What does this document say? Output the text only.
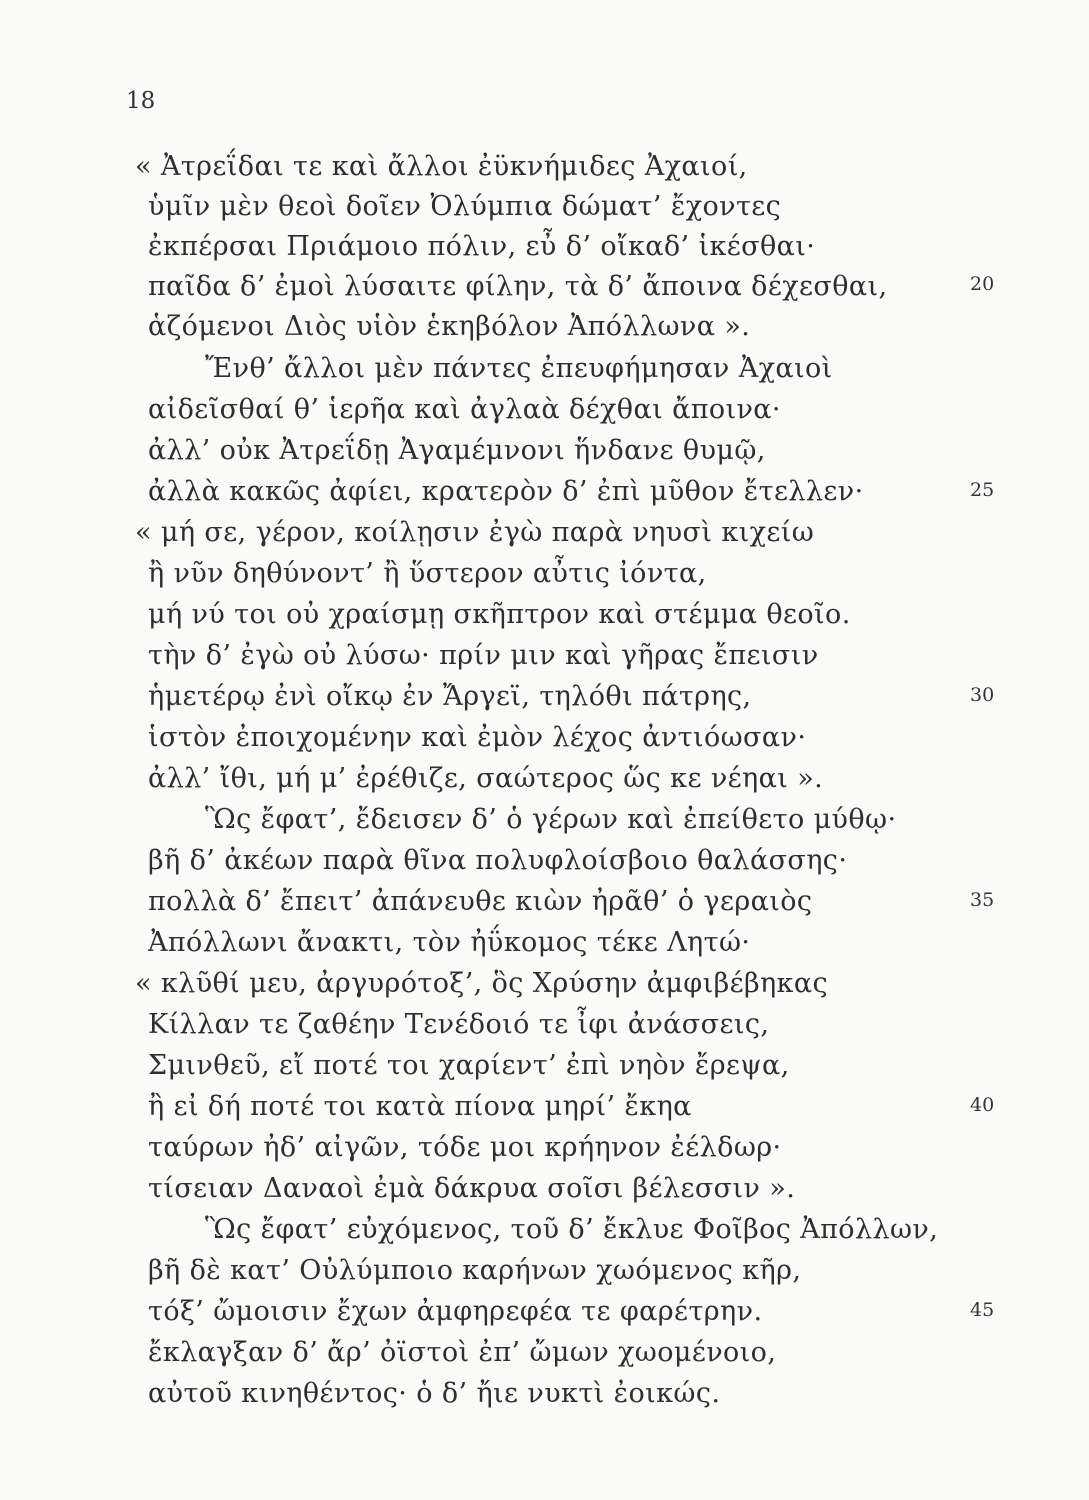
18
« Ἀτρεΐδαι τε καὶ ἄλλοι ἐϋκνήμιδες Ἀχαιοί,
ὑμῖν μὲν θεοὶ δοῖεν Ὀλύμπια δώματ’ ἔχοντες
ἐκπέρσαι Πριάμοιο πόλιν, εὖ δ’ οἴκαδ’ ἱκέσθαι·
παῖδα δ’ ἐμοὶ λύσαιτε φίλην, τὰ δ’ ἄποινα δέχεσθαι,
ἁζόμενοι Διὸς υἱὸν ἑκηβόλον Ἀπόλλωνα ».
Ἔνθ’ ἄλλοι μὲν πάντες ἐπευφήμησαν Ἀχαιοὶ
αἰδεῖσθαί θ’ ἱερῆα καὶ ἀγλαὰ δέχθαι ἄποινα·
ἀλλ’ οὐκ Ἀτρεΐδῃ Ἀγαμέμνονι ἥνδανε θυμῷ,
ἀλλὰ κακῶς ἀφίει, κρατερὸν δ’ ἐπὶ μῦθον ἔτελλεν·
« μή σε, γέρον, κοίλῃσιν ἐγὼ παρὰ νηυσὶ κιχείω
ἢ νῦν δηθύνοντ’ ἢ ὕστερον αὖτις ἰόντα,
μή νύ τοι οὐ χραίσμῃ σκῆπτρον καὶ στέμμα θεοῖο.
τὴν δ’ ἐγὼ οὐ λύσω· πρίν μιν καὶ γῆρας ἔπεισιν
ἡμετέρῳ ἐνὶ οἴκῳ ἐν Ἄργεϊ, τηλόθι πάτρης,
ἱστὸν ἐποιχομένην καὶ ἐμὸν λέχος ἀντιόωσαν·
ἀλλ’ ἴθι, μή μ’ ἐρέθιζε, σαώτερος ὥς κε νέηαι ».
Ὣς ἔφατ’, ἔδεισεν δ’ ὁ γέρων καὶ ἐπείθετο μύθῳ·
βῆ δ’ ἀκέων παρὰ θῖνα πολυφλοίσβοιο θαλάσσης·
πολλὰ δ’ ἔπειτ’ ἀπάνευθε κιὼν ἠρᾶθ’ ὁ γεραιὸς
Ἀπόλλωνι ἄνακτι, τὸν ἠΰκομος τέκε Λητώ·
« κλῦθί μευ, ἀργυρότοξ’, ὃς Χρύσην ἀμφιβέβηκας
Κίλλαν τε ζαθέην Τενέδοιό τε ἶφι ἀνάσσεις,
Σμινθεῦ, εἴ ποτέ τοι χαρίεντ’ ἐπὶ νηὸν ἔρεψα,
ἢ εἰ δή ποτέ τοι κατὰ πίονα μηρί’ ἔκηα
ταύρων ἠδ’ αἰγῶν, τόδε μοι κρήηνον ἐέλδωρ·
τίσειαν Δαναοὶ ἐμὰ δάκρυα σοῖσι βέλεσσιν ».
Ὣς ἔφατ’ εὐχόμενος, τοῦ δ’ ἔκλυε Φοῖβος Ἀπόλλων,
βῆ δὲ κατ’ Οὐλύμποιο καρήνων χωόμενος κῆρ,
τόξ’ ὤμοισιν ἔχων ἀμφηρεφέα τε φαρέτρην.
ἔκλαγξαν δ’ ἄρ’ ὀϊστοὶ ἐπ’ ὤμων χωομένοιο,
αὐτοῦ κινηθέντος· ὁ δ’ ἤιε νυκτὶ ἐοικώς.
20
25
30
35
40
45
